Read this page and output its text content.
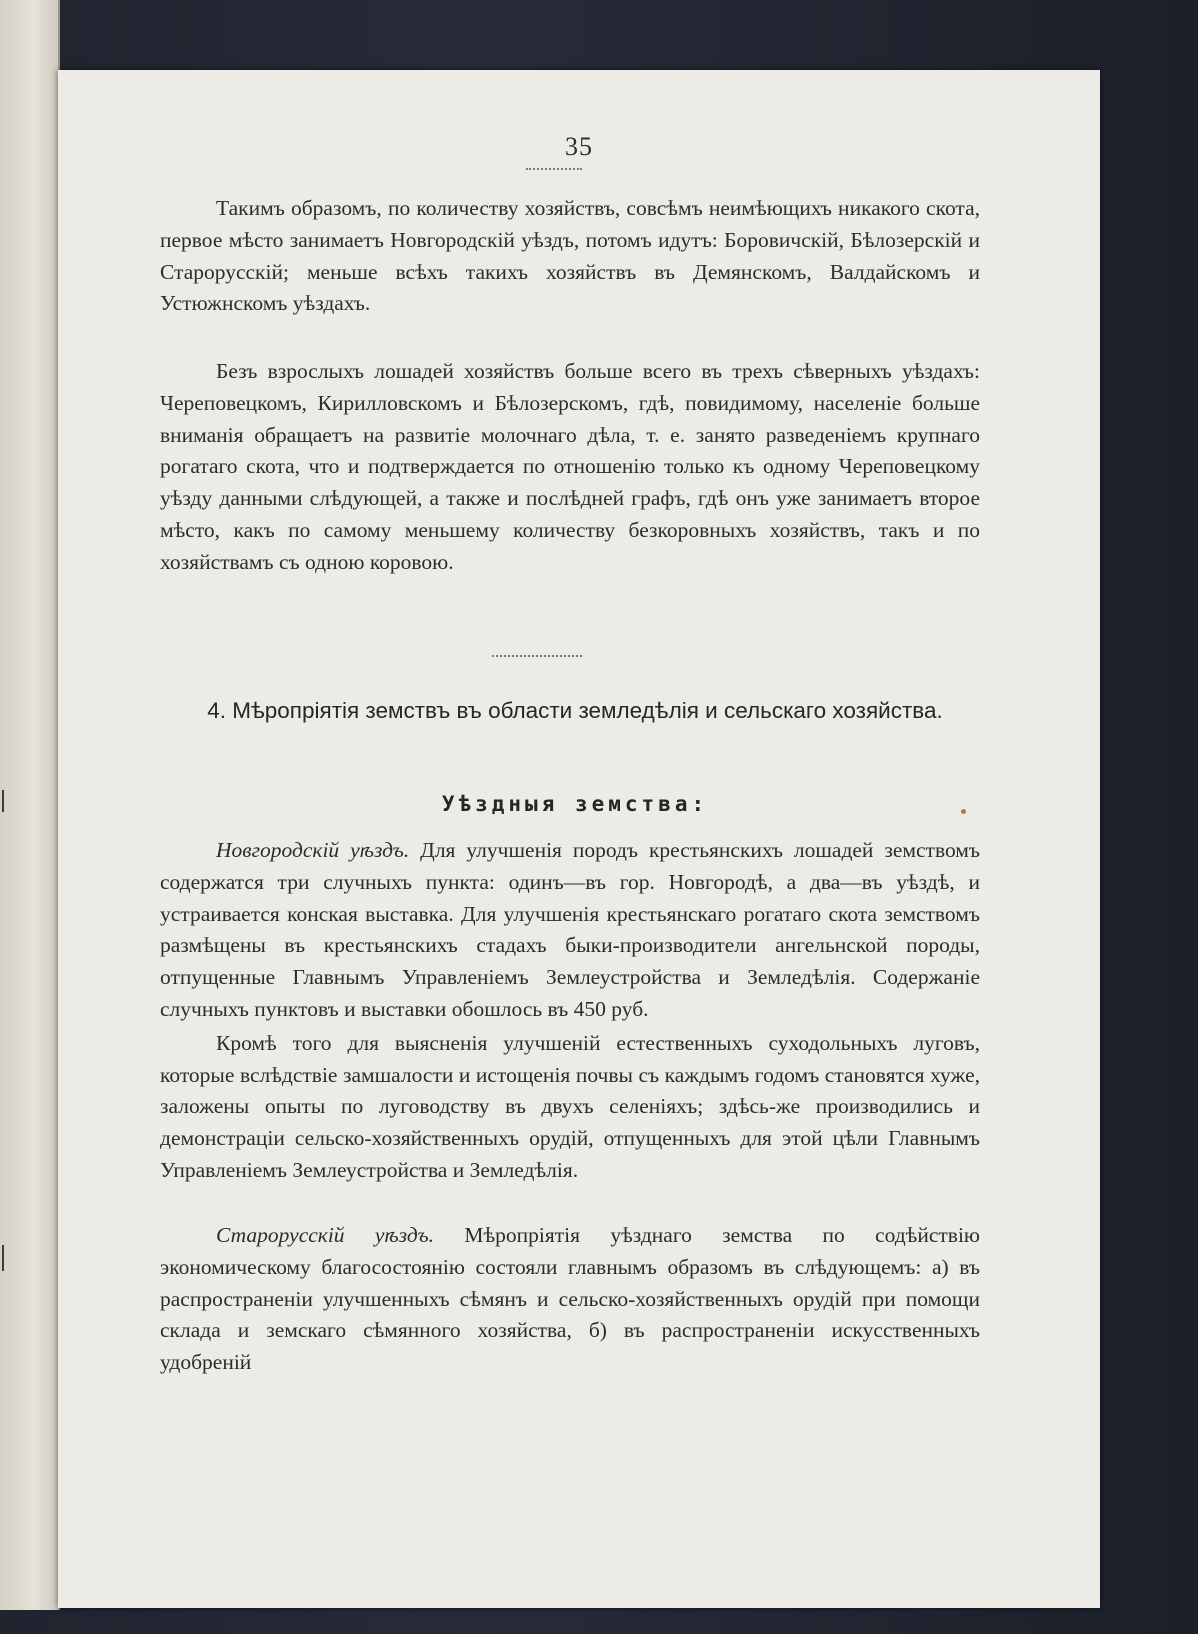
35

Такимъ образомъ, по количеству хозяйствъ, совсѣмъ неимѣющихъ никакого скота, первое мѣсто занимаетъ Новгородскій уѣздъ, потомъ идутъ: Боровичскій, Бѣлозерскій и Старорусскій; меньше всѣхъ такихъ хозяйствъ въ Демянскомъ, Валдайскомъ и Устюжнскомъ уѣздахъ.

Безъ взрослыхъ лошадей хозяйствъ больше всего въ трехъ сѣверныхъ уѣздахъ: Череповецкомъ, Кирилловскомъ и Бѣлозерскомъ, гдѣ, повидимому, населеніе больше вниманія обращаетъ на развитіе молочнаго дѣла, т. е. занято разведеніемъ крупнаго рогатаго скота, что и подтверждается по отношенію только къ одному Череповецкому уѣзду данными слѣдующей, а также и послѣдней графъ, гдѣ онъ уже занимаетъ второе мѣсто, какъ по самому меньшему количеству безкоровныхъ хозяйствъ, такъ и по хозяйствамъ съ одною коровою.

4. Мѣропріятія земствъ въ области земледѣлія и сельскаго хозяйства.
Уѣздныя земства:

Новгородскій уѣздъ. Для улучшенія породъ крестьянскихъ лошадей земствомъ содержатся три случныхъ пункта: одинъ—въ гор. Новгородѣ, а два—въ уѣздѣ, и устраивается конская выставка. Для улучшенія крестьянскаго рогатаго скота земствомъ размѣщены въ крестьянскихъ стадахъ быки-производители ангельнской породы, отпущенные Главнымъ Управленіемъ Землеустройства и Земледѣлія. Содержаніе случныхъ пунктовъ и выставки обошлось въ 450 руб.

Кромѣ того для выясненія улучшеній естественныхъ суходольныхъ луговъ, которые вслѣдствіе замшалости и истощенія почвы съ каждымъ годомъ становятся хуже, заложены опыты по луговодству въ двухъ селеніяхъ; здѣсь-же производились и демонстраціи сельско-хозяйственныхъ орудій, отпущенныхъ для этой цѣли Главнымъ Управленіемъ Землеустройства и Земледѣлія.

Старорусскій уѣздъ. Мѣропріятія уѣзднаго земства по содѣйствію экономическому благосостоянію состояли главнымъ образомъ въ слѣдующемъ: а) въ распространеніи улучшенныхъ сѣмянъ и сельско-хозяйственныхъ орудій при помощи склада и земскаго сѣмянного хозяйства, б) въ распространеніи искусственныхъ удобреній
